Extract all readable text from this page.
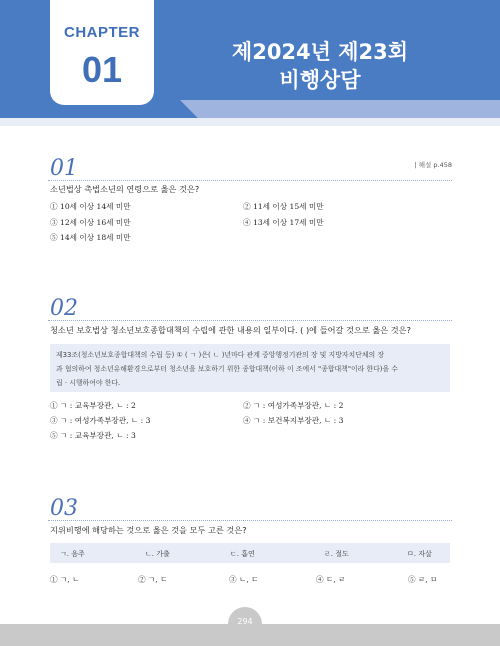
CHAPTER
01	제2024년 제23회
비행상담
01	| 해설 p.458
소년법상 촉법소년의 연령으로 옳은 것은?
① 10세 이상 14세 미만	② 11세 이상 15세 미만
③ 12세 이상 16세 미만	④ 13세 이상 17세 미만
⑤ 14세 이상 18세 미만
02
청소년 보호법상 청소년보호종합대책의 수립에 관한 내용의 일부이다. ( )에 들어갈 것으로 옳은 것은?
제33조(청소년보호종합대책의 수립 등) ① ( ㄱ )은( ㄴ )년마다 관계 중앙행정기관의 장 및 지방자치단체의 장
과 협의하여 청소년유해환경으로부터 청소년을 보호하기 위한 종합대책(이하 이 조에서 "종합대책"이라 한다)을 수
립 · 시행하여야 한다.
① ㄱ : 교육부장관, ㄴ : 2	② ㄱ : 여성가족부장관, ㄴ : 2
③ ㄱ : 여성가족부장관, ㄴ : 3	④ ㄱ : 보건복지부장관, ㄴ : 3
⑤ ㄱ : 교육부장관, ㄴ : 3
03
지위비행에 해당하는 것으로 옳은 것을 모두 고른 것은?
ㄱ. 음주	ㄴ. 가출	ㄷ. 흡연	ㄹ. 절도	ㅁ. 자살
① ㄱ, ㄴ	② ㄱ, ㄷ	③ ㄴ, ㄷ	④ ㄷ, ㄹ	⑤ ㄹ, ㅁ
294
